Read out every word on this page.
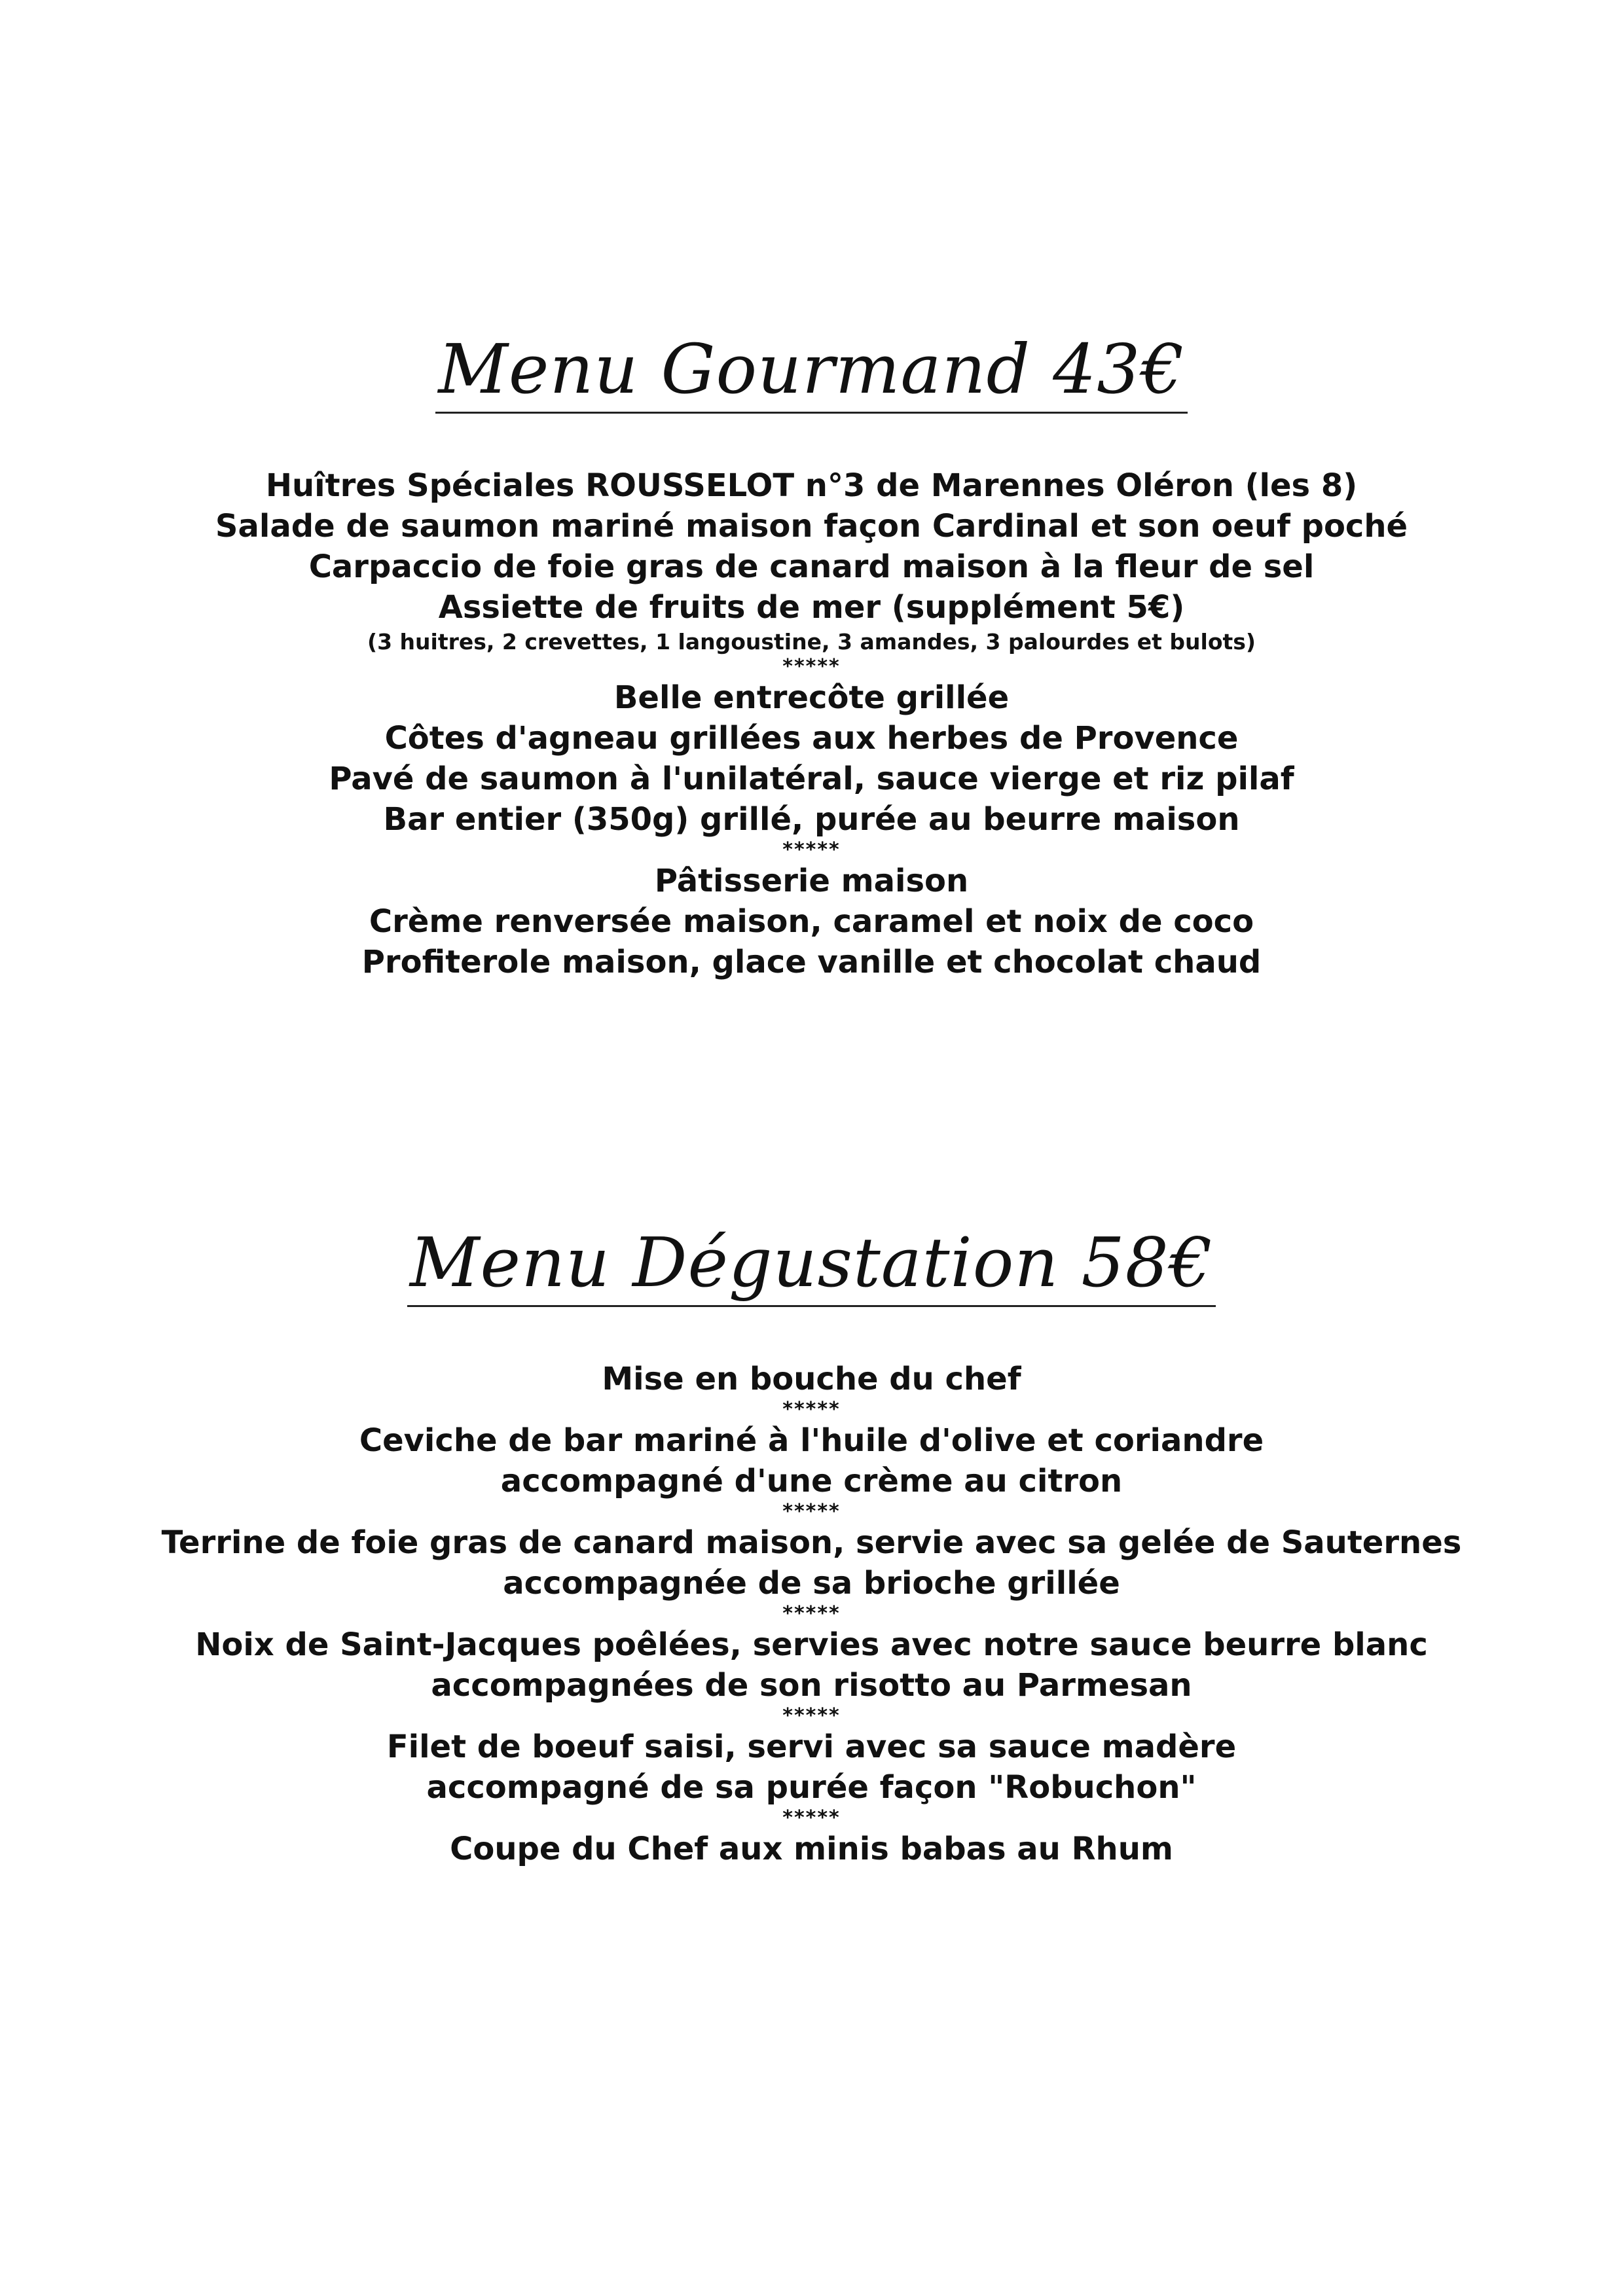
Menu Gourmand 43€

Huîtres Spéciales ROUSSELOT n°3 de Marennes Oléron (les 8)

Salade de saumon mariné maison façon Cardinal et son oeuf poché

Carpaccio de foie gras de canard maison à la fleur de sel

Assiette de fruits de mer (supplément 5€)

(3 huitres, 2 crevettes, 1 langoustine, 3 amandes, 3 palourdes et bulots)

*****

Belle entrecôte grillée

Côtes d'agneau grillées aux herbes de Provence

Pavé de saumon à l'unilatéral, sauce vierge et riz pilaf

Bar entier (350g) grillé, purée au beurre maison

*****

Pâtisserie maison

Crème renversée maison, caramel et noix de coco

Profiterole maison, glace vanille et chocolat chaud

Menu Dégustation 58€

Mise en bouche du chef

*****

Ceviche de bar mariné à l'huile d'olive et coriandre

accompagné d'une crème au citron

*****

Terrine de foie gras de canard maison, servie avec sa gelée de Sauternes

accompagnée de sa brioche grillée

*****

Noix de Saint-Jacques poêlées, servies avec notre sauce beurre blanc

accompagnées de son risotto au Parmesan

*****

Filet de boeuf saisi, servi avec sa sauce madère

accompagné de sa purée façon "Robuchon"

*****

Coupe du Chef aux minis babas au Rhum
